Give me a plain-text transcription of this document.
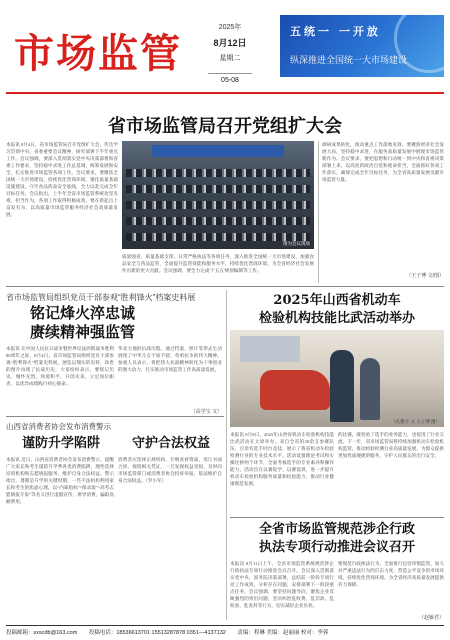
市场监管
2025年
8月12日
星期二
05-08
五统一 一开放
纵深推进全国统一大市场建设
省市场监管局召开党组扩大会
本报讯 8月4日，省市场监管局召开党组扩大会，传达学习贯彻中央、省委重要会议精神，研究部署下半年重点工作。会议强调，要深入贯彻落实党中央决策部署和省委工作要求，坚持稳中求进工作总基调，统筹发展和安全，扎实推进市场监管各项工作。会议要求，要聚焦全国统一大市场建设，持续优化营商环境，强化质量基础设施建设，守牢食品药品安全底线，全力以赴完成全年目标任务。会议指出，上半年全省市场监管系统攻坚克难、担当作为，各项工作取得积极成效，要在新起点上奋发有为，以高质量市场监管服务经济社会高质量发展。
图为会议现场
质量强省、质量基础支撑、日常严格执法等各项任务，深入推进全国统一大市场建设，加强食品安全与药品监管，全面提升监管效能和服务水平，持续优化营商环境，为全省经济社会发展作出新的更大贡献。会议强调，要全力完成'十五五'规划编制等工作。
调研成果转化，推动重点工作落地见效。要聚焦经济社会发展大局，坚持稳中求进，在服务高质量发展中展现市场监管新作为。会议要求，要把思想和行动统一到中央和省委决策部署上来，以高度的政治自觉和使命担当，全面抓好各项工作落实，确保完成全年目标任务，为全省高质量发展贡献市场监管力量。
（王子博 文/图）
省市场监管局组织党员干部参观“胜利锋火”档案史料展
铭记烽火淬忠诚
赓续精神强监管
本报讯 在中国人民抗日战争暨世界反法西斯战争胜利80周年之际，8月4日，省市场监管局组织党员干部参观“胜利锋火”档案史料展。展览以翔实的史料、珍贵的图片再现了抗战历史，大家纷纷表示，要铭记历史、缅怀先烈、珍爱和平、开创未来，立足岗位职责，以优异成绩践行初心使命。
华北大地的抗战历程，通过档案、照片等形式生动展现了中华儿女不屈不挠、英勇抗争的伟大精神。参观人员表示，将把伟大抗战精神转化为干事创业的强大动力，扎实推动市场监管工作高质量发展。
（高学宝 文）
2025年山西省机动车
检验机构技能比武活动举办
（孔雅辛 文 王子博 图）
本报讯 8月8日，2025年山西省机动车检验机构技能比武活动在太原举办。来自全省的30余支参赛队伍、百余名选手同台竞技，展示了我省机动车检验检测行业的专业技术水平。活动设置理论考试和实操比拼两个环节，全面考核选手的专业素养和操作能力。活动旨在以赛促学、以赛促训，进一步提升机动车检验机构服务质量和检验能力，推动行业健康规范发展。
的比赛，既检验了选手的业务能力，也促进了行业交流。下一步，省市场监管局将持续加强机动车检验机构监管，推动检验检测行业高质量发展，为群众提供更加优质便捷的服务，守护人民群众的出行安全。
山西省消费者协会发布消费警示
谨防升学陷阱	守护合法权益
本报讯 近日，山西省消费者协会发布消费警示，提醒广大家长和考生谨防升学季各类消费陷阱，理性选择培训机构和志愿填报服务，维护自身合法权益。警示指出，暑期是升学的关键时期，一些不法机构利用家长和考生的焦虑心理，以“内部指标”“保录取”“高考志愿填报专家”等名义进行虚假宣传，诱导消费，骗取高额费用。
消费者应选择正规机构，仔细查看资质，签订书面合同，保留相关凭证，一旦发现权益受损，及时向市场监管部门或消费者协会投诉举报，依法维护自身合法权益。（罗小军）
全省市场监管规范涉企行政
执法专项行动推进会议召开
本报讯 8月11日上午，全省市场监管系统规范涉企行政执法专项行动推进会议召开。会议深入贯彻落实党中央、国务院决策部署，总结前一阶段专项行动工作成效，分析存在问题，安排部署下一阶段重点任务。会议强调，要坚持问题导向，聚焦企业反映强烈的突出问题，坚决纠治乱收费、乱罚款、乱检查、乱查封等行为，切实减轻企业负担。
要规范行政执法行为，全面推行包容审慎监管，加大对严重违法行为的打击力度，营造公平竞争的市场环境，持续优化营商环境，为全省经济高质量发展提供有力保障。
（赵雁君）
投稿邮箱：sxscdb@163.com 投稿电话：18536613701 15513287878 0351—4137132 责编：程琳 美编：赵丽丽 校对：李蓉
